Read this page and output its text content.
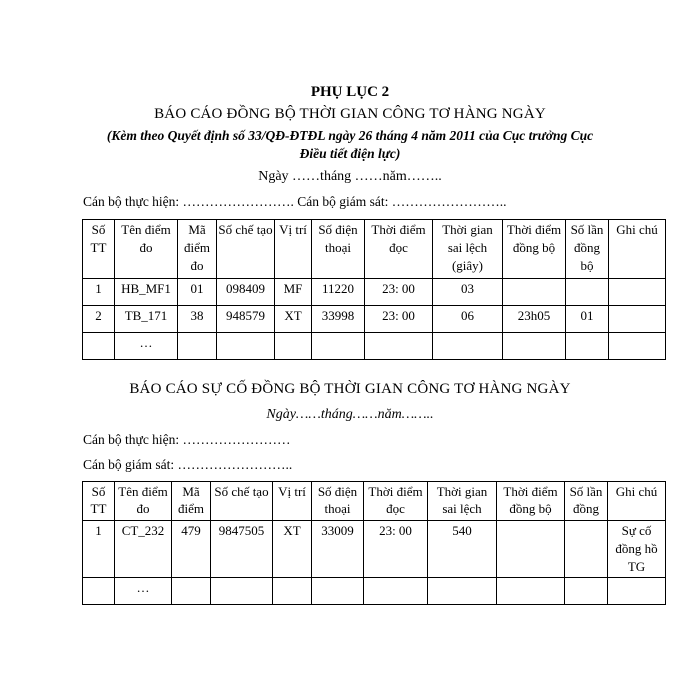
PHỤ LỤC 2
BÁO CÁO ĐỒNG BỘ THỜI GIAN CÔNG TƠ HÀNG NGÀY
(Kèm theo Quyết định số 33/QĐ-ĐTĐL ngày 26 tháng 4 năm 2011 của Cục trưởng Cục
Điều tiết điện lực)
Ngày ……tháng ……năm……..
Cán bộ thực hiện: ……………………. Cán bộ giám sát: ……………………..
Số TT	Tên điểm đo	Mã điểm đo	Số chế tạo	Vị trí	Số điện thoại	Thời điểm đọc	Thời gian sai lệch (giây)	Thời điểm đồng bộ	Số lần đồng bộ	Ghi chú
1	HB_MF1	01	098409	MF	11220	23: 00	03			
2	TB_171	38	948579	XT	33998	23: 00	06	23h05	01	
	…									
BÁO CÁO SỰ CỐ ĐỒNG BỘ THỜI GIAN CÔNG TƠ HÀNG NGÀY
Ngày……tháng……năm……..
Cán bộ thực hiện: ……………………
Cán bộ giám sát: ……………………..
Số TT	Tên điểm đo	Mã điểm	Số chế tạo	Vị trí	Số điện thoại	Thời điểm đọc	Thời gian sai lệch	Thời điểm đồng bộ	Số lần đồng	Ghi chú
1	CT_232	479	9847505	XT	33009	23: 00	540			Sự cố đồng hồ TG
	…									
